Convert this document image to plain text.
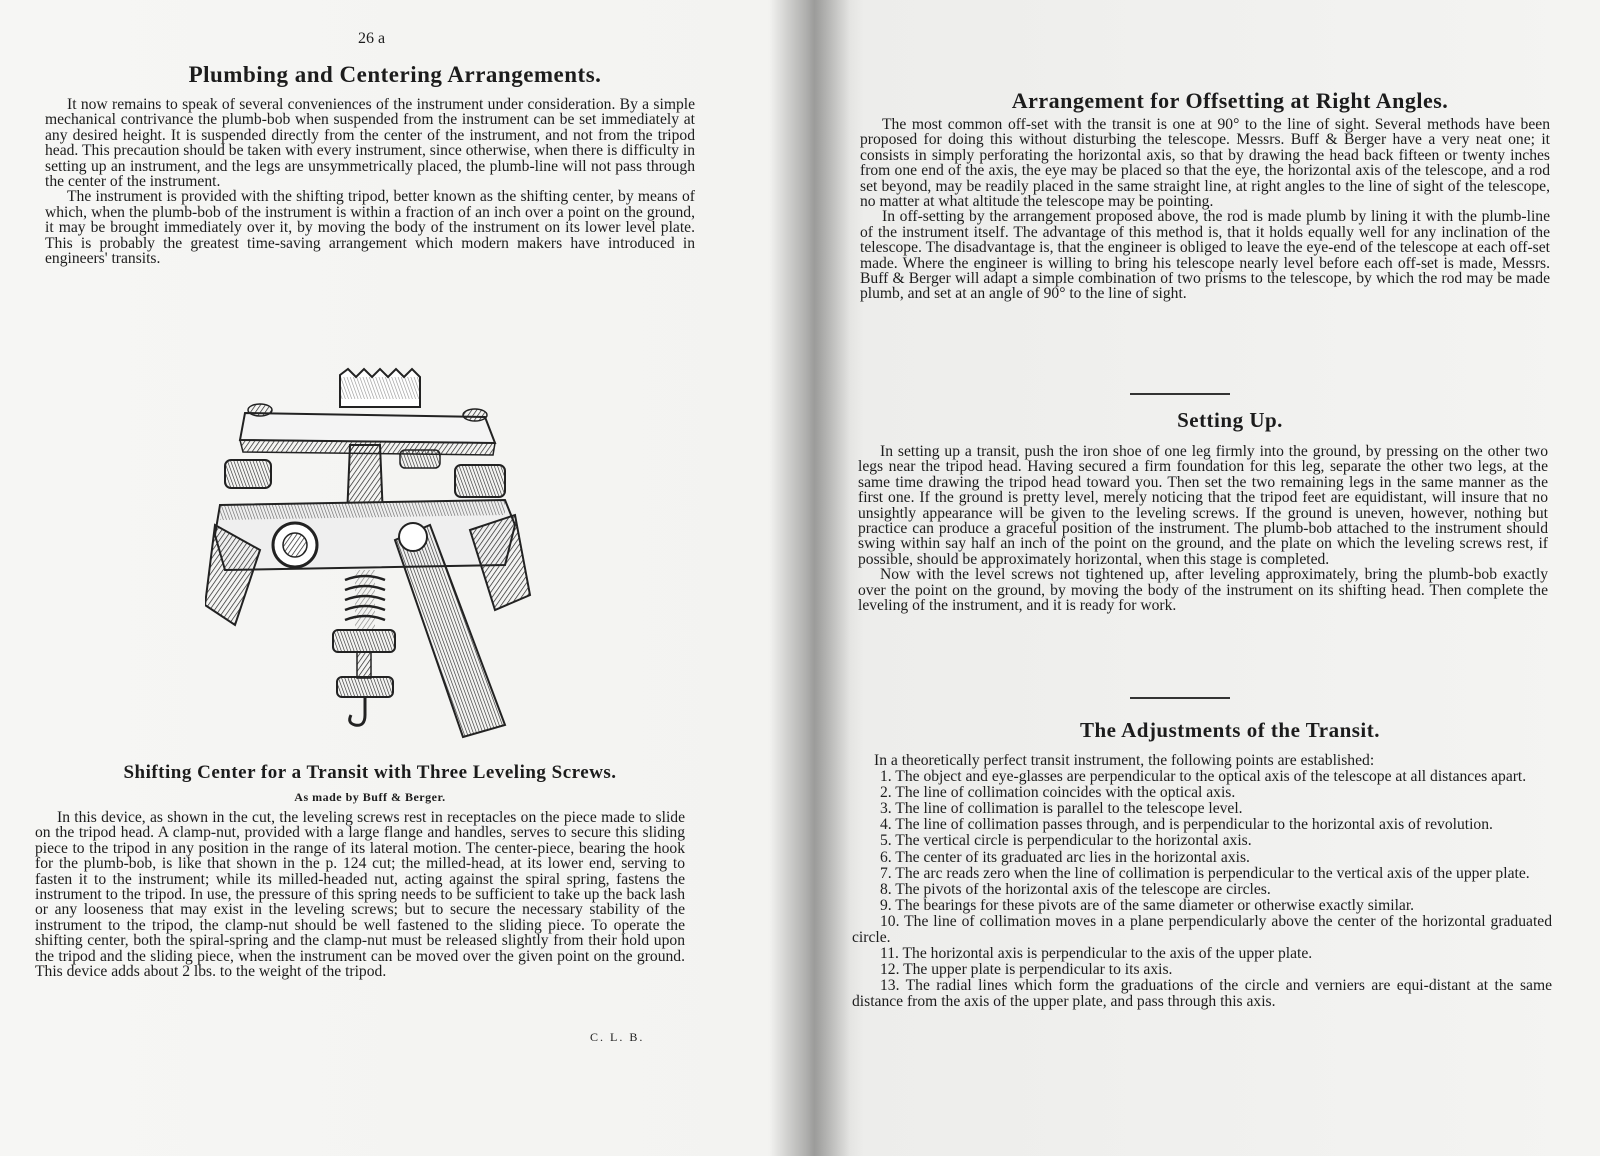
26 a
Plumbing and Centering Arrangements.

It now remains to speak of several conveniences of the instrument under consideration. By a simple mechanical contrivance the plumb-bob when suspended from the instrument can be set immediately at any desired height. It is suspended directly from the center of the instrument, and not from the tripod head. This precaution should be taken with every instrument, since otherwise, when there is difficulty in setting up an instrument, and the legs are unsymmetrically placed, the plumb-line will not pass through the center of the instrument.

The instrument is provided with the shifting tripod, better known as the shifting center, by means of which, when the plumb-bob of the instrument is within a fraction of an inch over a point on the ground, it may be brought immediately over it, by moving the body of the instrument on its lower level plate. This is probably the greatest time-saving arrangement which modern makers have introduced in engineers' transits.

Shifting Center for a Transit with Three Leveling Screws.
As made by Buff & Berger.

In this device, as shown in the cut, the leveling screws rest in receptacles on the piece made to slide on the tripod head. A clamp-nut, provided with a large flange and handles, serves to secure this sliding piece to the tripod in any position in the range of its lateral motion. The center-piece, bearing the hook for the plumb-bob, is like that shown in the p. 124 cut; the milled-head, at its lower end, serving to fasten it to the instrument; while its milled-headed nut, acting against the spiral spring, fastens the instrument to the tripod. In use, the pressure of this spring needs to be sufficient to take up the back lash or any looseness that may exist in the leveling screws; but to secure the necessary stability of the instrument to the tripod, the clamp-nut should be well fastened to the sliding piece. To operate the shifting center, both the spiral-spring and the clamp-nut must be released slightly from their hold upon the tripod and the sliding piece, when the instrument can be moved over the given point on the ground. This device adds about 2 lbs. to the weight of the tripod.

C. L. B.
Arrangement for Offsetting at Right Angles.

The most common off-set with the transit is one at 90° to the line of sight. Several methods have been proposed for doing this without disturbing the telescope. Messrs. Buff & Berger have a very neat one; it consists in simply perforating the horizontal axis, so that by drawing the head back fifteen or twenty inches from one end of the axis, the eye may be placed so that the eye, the horizontal axis of the telescope, and a rod set beyond, may be readily placed in the same straight line, at right angles to the line of sight of the telescope, no matter at what altitude the telescope may be pointing.

In off-setting by the arrangement proposed above, the rod is made plumb by lining it with the plumb-line of the instrument itself. The advantage of this method is, that it holds equally well for any inclination of the telescope. The disadvantage is, that the engineer is obliged to leave the eye-end of the telescope at each off-set made. Where the engineer is willing to bring his telescope nearly level before each off-set is made, Messrs. Buff & Berger will adapt a simple combination of two prisms to the telescope, by which the rod may be made plumb, and set at an angle of 90° to the line of sight.

Setting Up.

In setting up a transit, push the iron shoe of one leg firmly into the ground, by pressing on the other two legs near the tripod head. Having secured a firm foundation for this leg, separate the other two legs, at the same time drawing the tripod head toward you. Then set the two remaining legs in the same manner as the first one. If the ground is pretty level, merely noticing that the tripod feet are equidistant, will insure that no unsightly appearance will be given to the leveling screws. If the ground is uneven, however, nothing but practice can produce a graceful position of the instrument. The plumb-bob attached to the instrument should swing within say half an inch of the point on the ground, and the plate on which the leveling screws rest, if possible, should be approximately horizontal, when this stage is completed.

Now with the level screws not tightened up, after leveling approximately, bring the plumb-bob exactly over the point on the ground, by moving the body of the instrument on its shifting head. Then complete the leveling of the instrument, and it is ready for work.

The Adjustments of the Transit.

In a theoretically perfect transit instrument, the following points are established:

1. The object and eye-glasses are perpendicular to the optical axis of the telescope at all distances apart.

2. The line of collimation coincides with the optical axis.

3. The line of collimation is parallel to the telescope level.

4. The line of collimation passes through, and is perpendicular to the horizontal axis of revolution.

5. The vertical circle is perpendicular to the horizontal axis.

6. The center of its graduated arc lies in the horizontal axis.

7. The arc reads zero when the line of collimation is perpendicular to the vertical axis of the upper plate.

8. The pivots of the horizontal axis of the telescope are circles.

9. The bearings for these pivots are of the same diameter or otherwise exactly similar.

10. The line of collimation moves in a plane perpendicularly above the center of the horizontal graduated circle.

11. The horizontal axis is perpendicular to the axis of the upper plate.

12. The upper plate is perpendicular to its axis.

13. The radial lines which form the graduations of the circle and verniers are equi-distant at the same distance from the axis of the upper plate, and pass through this axis.
